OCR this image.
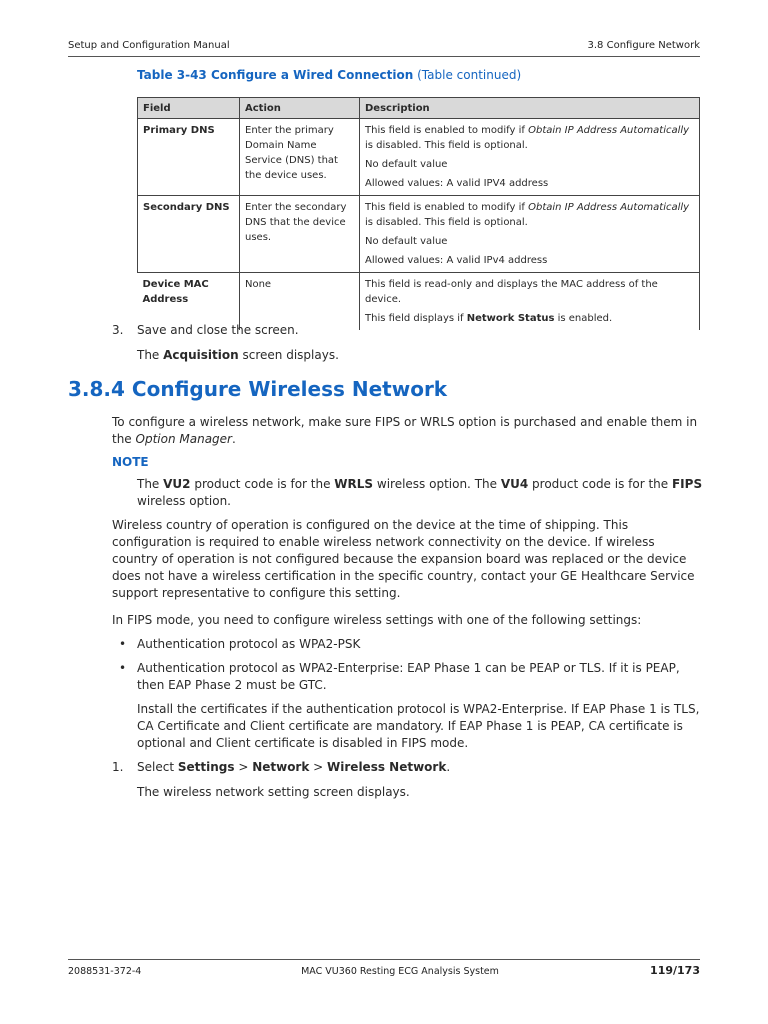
Setup and Configuration Manual	3.8 Configure Network
Table 3-43 Configure a Wired Connection (Table continued)
Field	Action	Description
Primary DNS	Enter the primary Domain Name Service (DNS) that the device uses.	This field is enabled to modify if Obtain IP Address Automatically is disabled. This field is optional.

No default value

Allowed values: A valid IPV4 address

Secondary DNS	Enter the secondary DNS that the device uses.	This field is enabled to modify if Obtain IP Address Automatically is disabled. This field is optional.

No default value

Allowed values: A valid IPv4 address

Device MAC Address	None	This field is read-only and displays the MAC address of the device.

This field displays if Network Status is enabled.

3. Save and close the screen.
The Acquisition screen displays.
3.8.4 Configure Wireless Network

To configure a wireless network, make sure FIPS or WRLS option is purchased and enable them in the Option Manager.

NOTE

The VU2 product code is for the WRLS wireless option. The VU4 product code is for the FIPS wireless option.

Wireless country of operation is configured on the device at the time of shipping. This configuration is required to enable wireless network connectivity on the device. If wireless country of operation is not configured because the expansion board was replaced or the device does not have a wireless certification in the specific country, contact your GE Healthcare Service support representative to configure this setting.

In FIPS mode, you need to configure wireless settings with one of the following settings:

• Authentication protocol as WPA2-PSK
• Authentication protocol as WPA2-Enterprise: EAP Phase 1 can be PEAP or TLS. If it is PEAP, then EAP Phase 2 must be GTC.

Install the certificates if the authentication protocol is WPA2-Enterprise. If EAP Phase 1 is TLS, CA Certificate and Client certificate are mandatory. If EAP Phase 1 is PEAP, CA certificate is optional and Client certificate is disabled in FIPS mode.

1. Select Settings > Network > Wireless Network.
The wireless network setting screen displays.
2088531-372-4	MAC VU360 Resting ECG Analysis System	119/173
